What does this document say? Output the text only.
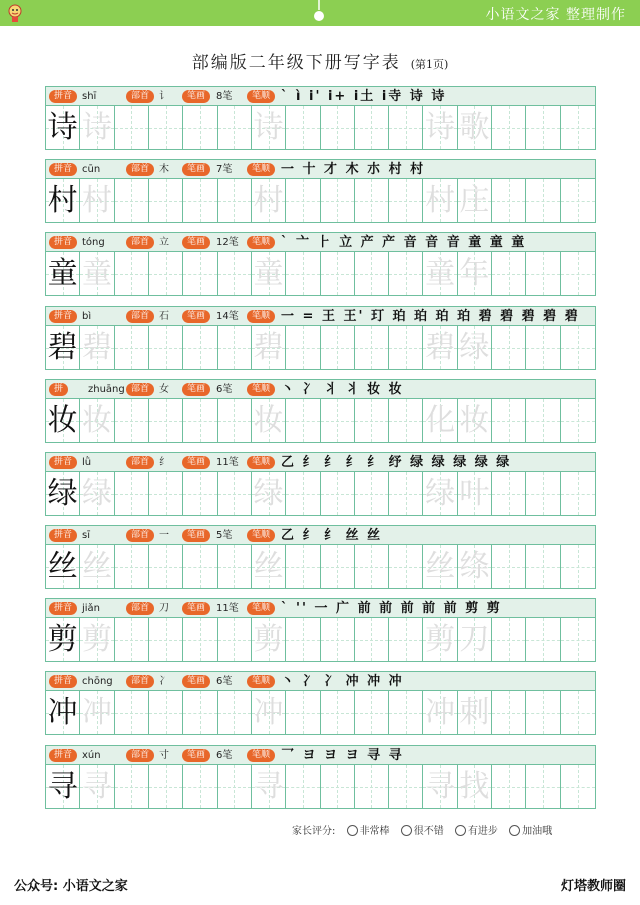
小语文之家 整理制作
部编版二年级下册写字表 (第1页)
拼音 shī	部首 讠	笔画	8笔	笔顺 ` ì i' i+ i土 i寺 诗 诗
诗 诗	诗	诗 歌
拼音 cūn	部首 木	笔画	7笔	笔顺 一 十 才 木 朩 村 村
村 村	村	村 庄
拼音 tóng	部首 立	笔画	12笔	笔顺 ` 亠 ⺊ 立 产 产 音 音 音 童 童 童
童 童	童	童 年
拼音 bì	部首 石	笔画	14笔	笔顺 一 = 王 王' 玎 珀 珀 珀 珀 碧 碧 碧 碧 碧
碧 碧	碧	碧 绿
拼	zhuāng 部首 女	笔画	6笔	笔顺 丶 冫 丬 丬 妆 妆
妆 妆	妆	化 妆
拼音 lǜ	部首 纟	笔画	11笔	笔顺 乙 纟 纟 纟 纟 纾 绿 绿 绿 绿 绿
绿 绿	绿	绿 叶
拼音 sī	部首 一	笔画	5笔	笔顺 乙 纟 纟 丝 丝
丝 丝	丝	丝 绦
拼音 jiǎn	部首 刀	笔画	11笔	笔顺 ` '' 一 广 前 前 前 前 前 剪 剪
剪 剪	剪	剪 刀
拼音 chōng	部首 冫	笔画	6笔	笔顺 丶 冫 冫 冲 冲 冲
冲 冲	冲	冲 刺
拼音 xún	部首 寸	笔画	6笔	笔顺 乛 ヨ ヨ ヨ 寻 寻
寻 寻	寻	寻 找
家长评分: 非常棒 很不错 有进步 加油哦
公众号: 小语文之家	灯塔教师圈
